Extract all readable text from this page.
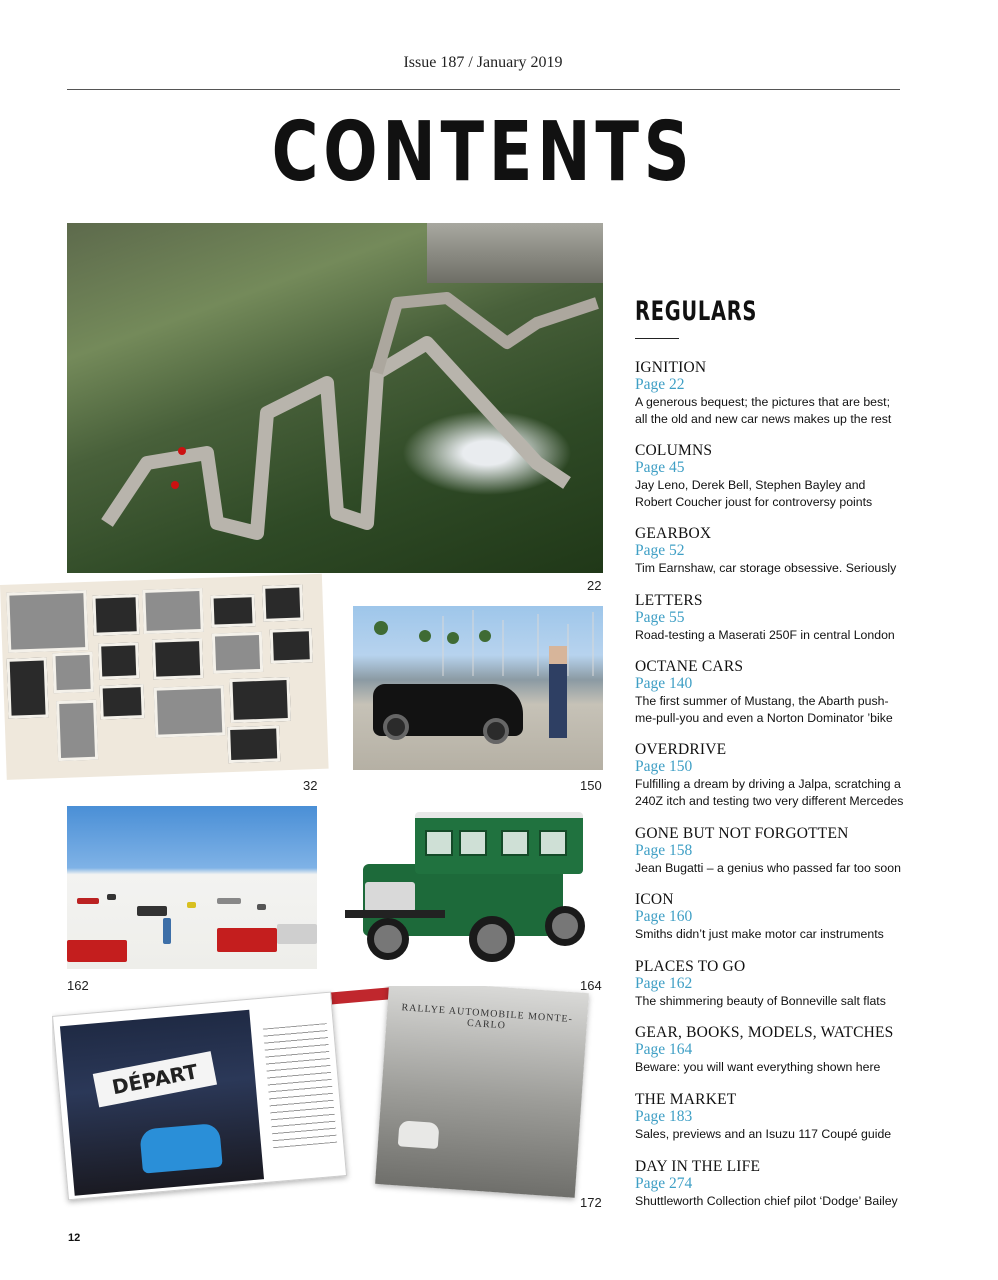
Issue 187 / January 2019
CONTENTS
22
32	150
162	164
DÉPART
RALLYE AUTOMOBILE MONTE-CARLO
172
REGULARS
IGNITION
Page 22
A generous bequest; the pictures that are best;
all the old and new car news makes up the rest
COLUMNS
Page 45
Jay Leno, Derek Bell, Stephen Bayley and
Robert Coucher joust for controversy points
GEARBOX
Page 52
Tim Earnshaw, car storage obsessive. Seriously
LETTERS
Page 55
Road-testing a Maserati 250F in central London
OCTANE CARS
Page 140
The first summer of Mustang, the Abarth push-
me-pull-you and even a Norton Dominator ’bike
OVERDRIVE
Page 150
Fulfilling a dream by driving a Jalpa, scratching a
240Z itch and testing two very different Mercedes
GONE BUT NOT FORGOTTEN
Page 158
Jean Bugatti – a genius who passed far too soon
ICON
Page 160
Smiths didn’t just make motor car instruments
PLACES TO GO
Page 162
The shimmering beauty of Bonneville salt flats
GEAR, BOOKS, MODELS, WATCHES
Page 164
Beware: you will want everything shown here
THE MARKET
Page 183
Sales, previews and an Isuzu 117 Coupé guide
DAY IN THE LIFE
Page 274
Shuttleworth Collection chief pilot ‘Dodge’ Bailey
12
